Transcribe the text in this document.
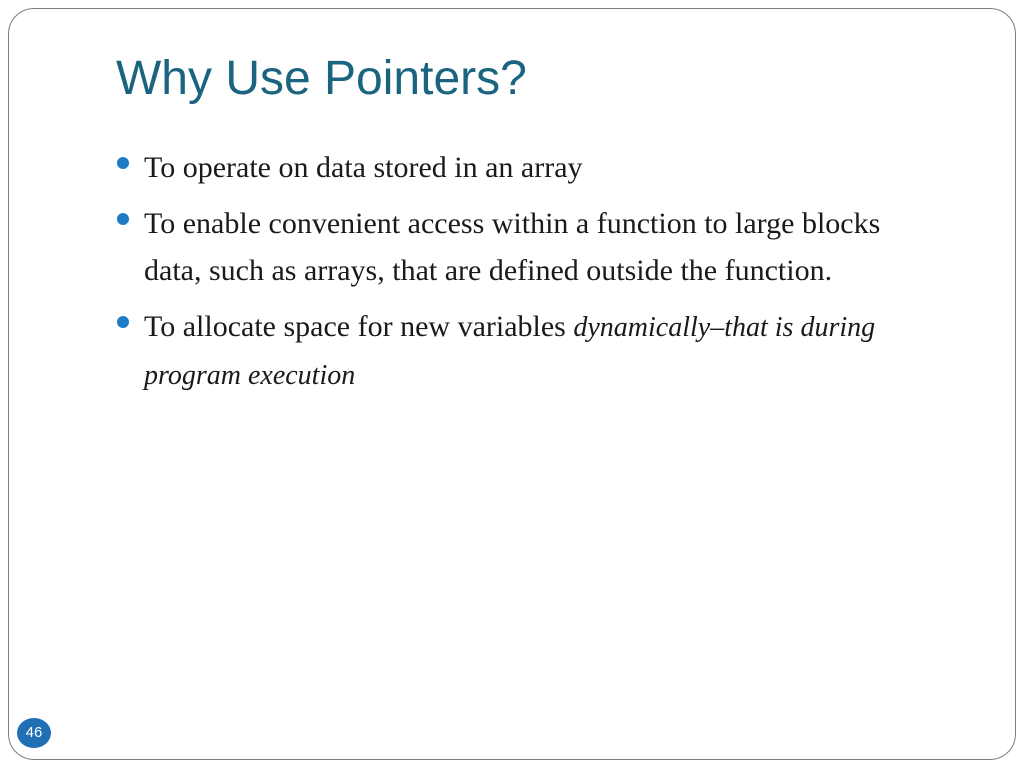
Why Use Pointers?
To operate on data stored in an array
To enable convenient access within a function to large blocks data, such as arrays, that are defined outside the function.
To allocate space for new variables dynamically–that is during program execution
46
